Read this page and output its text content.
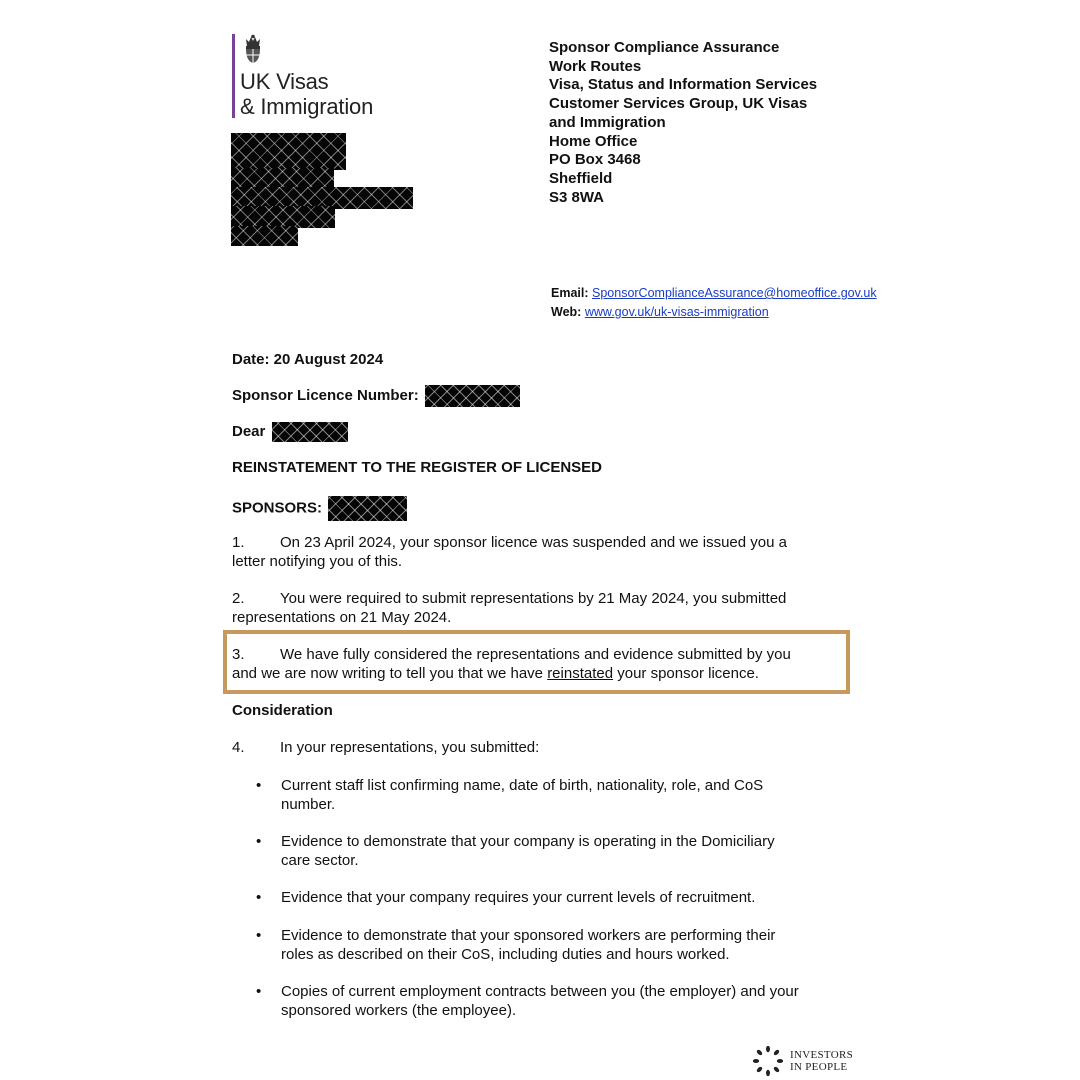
UK Visas
& Immigration
Sponsor Compliance Assurance
Work Routes
Visa, Status and Information Services
Customer Services Group, UK Visas
and Immigration
Home Office
PO Box 3468
Sheffield
S3 8WA
Email: SponsorComplianceAssurance@homeoffice.gov.uk
Web: www.gov.uk/uk-visas-immigration
Date: 20 August 2024
Sponsor Licence Number:
Dear
REINSTATEMENT TO THE REGISTER OF LICENSED
SPONSORS:
1. On 23 April 2024, your sponsor licence was suspended and we issued you a
letter notifying you of this.
2. You were required to submit representations by 21 May 2024, you submitted
representations on 21 May 2024.
3. We have fully considered the representations and evidence submitted by you
and we are now writing to tell you that we have reinstated your sponsor licence.
Consideration
4. In your representations, you submitted:
• Current staff list confirming name, date of birth, nationality, role, and CoS
number.
• Evidence to demonstrate that your company is operating in the Domiciliary
care sector.
• Evidence that your company requires your current levels of recruitment.
• Evidence to demonstrate that your sponsored workers are performing their
roles as described on their CoS, including duties and hours worked.
• Copies of current employment contracts between you (the employer) and your
sponsored workers (the employee).
INVESTORS
IN PEOPLE
